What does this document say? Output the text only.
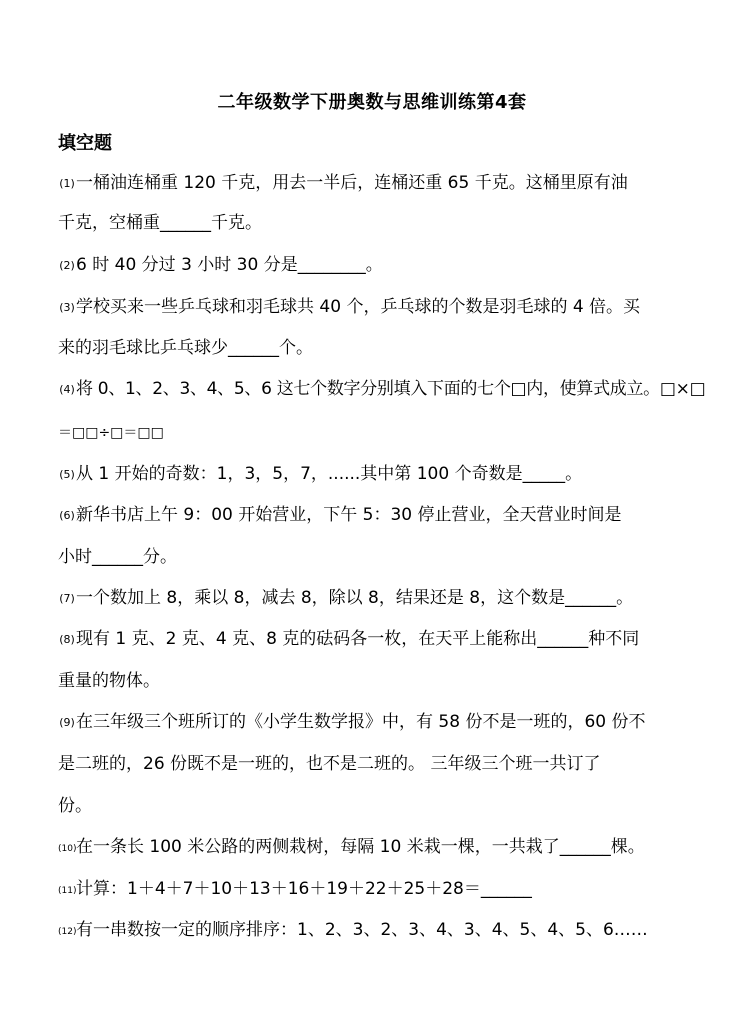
二年级数学下册奥数与思维训练第4套
填空题
( 1 ) 一桶油连桶重 120 千克，用去一半后，连桶还重 65 千克。这桶里原有油
千克，空桶重______千克。
( 2 ) 6 时 40 分过 3 小时 30 分是________。
( 3 ) 学校买来一些乒乓球和羽毛球共 40 个，乒乓球的个数是羽毛球的 4 倍。买
来的羽毛球比乒乓球少______个。
( 4 ) 将 0、1、2、3、4、5、6 这七个数字分别填入下面的七个□内，使算式成立。□×□
＝□□÷□＝□□
( 5 ) 从 1 开始的奇数：1，3，5，7，......其中第 100 个奇数是_____。
( 6 ) 新华书店上午 9：00 开始营业，下午 5：30 停止营业，全天营业时间是
小时______分。
( 7 ) 一个数加上 8，乘以 8，减去 8，除以 8，结果还是 8，这个数是______。
( 8 ) 现有 1 克、2 克、4 克、8 克的砝码各一枚，在天平上能称出______种不同
重量的物体。
( 9 ) 在三年级三个班所订的《小学生数学报》中，有 58 份不是一班的，60 份不
是二班的，26 份既不是一班的，也不是二班的。 三年级三个班一共订了
份。
( 10 ) 在一条长 100 米公路的两侧栽树，每隔 10 米栽一棵，一共栽了______棵。
( 11 ) 计算：1＋4＋7＋10＋13＋16＋19＋22＋25＋28＝______
( 12 ) 有一串数按一定的顺序排序：1、2、3、2、3、4、3、4、5、4、5、6……
